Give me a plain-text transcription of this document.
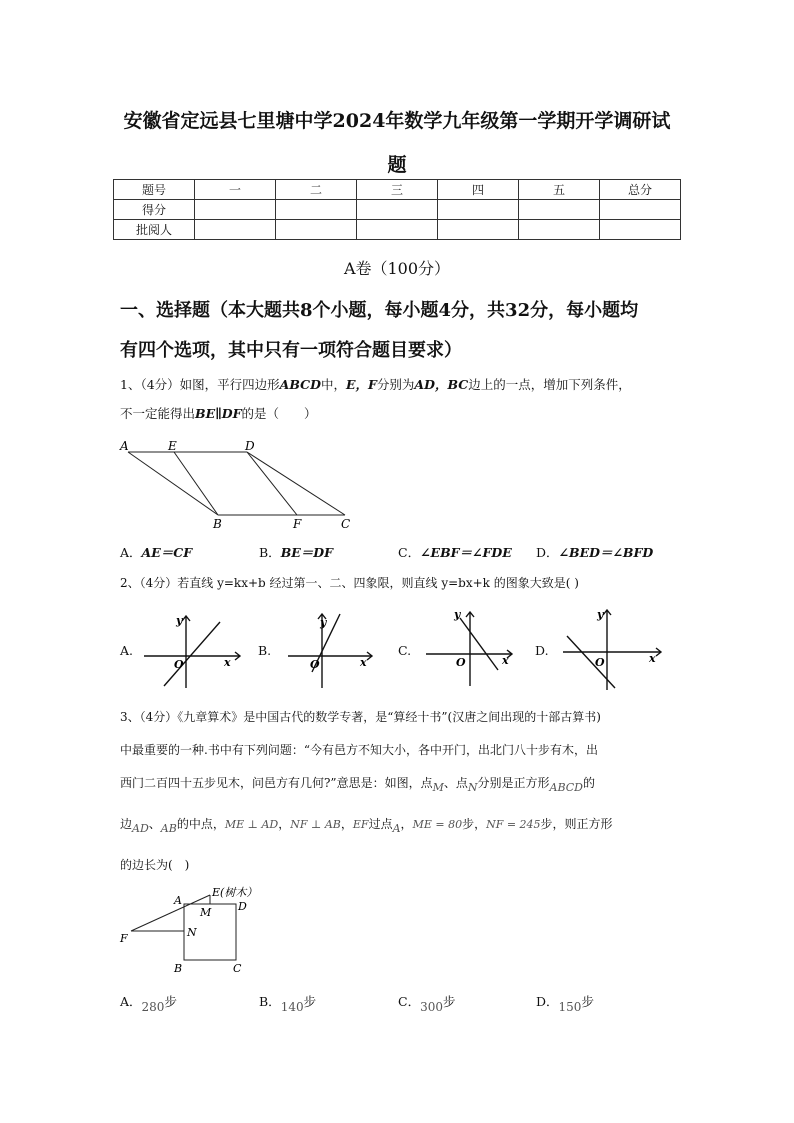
安徽省定远县七里塘中学2024年数学九年级第一学期开学调研试
题
题号	一	二	三	四	五	总分
得分						
批阅人						
A卷（100分）
一、选择题（本大题共8个小题，每小题4分，共32分，每小题均
有四个选项，其中只有一项符合题目要求）
1、（4分）如图，平行四边形ABCD中，E，F分别为AD，BC边上的一点，增加下列条件，
不一定能得出BE∥DF的是（　　）
A	E	D
B	F	C
A．AE＝CF	B．BE＝DF	C．∠EBF＝∠FDE D．∠BED＝∠BFD
2、（4分）若直线 y=kx+b 经过第一、二、四象限，则直线 y=bx+k 的图象大致是( )
A.
y
O	x
B.
y
O	x
C.
y
O	x
D.
y
O	x
3、（4分）《九章算术》是中国古代的数学专著，是“算经十书”(汉唐之间出现的十部古算书)
中最重要的一种.书中有下列问题：“今有邑方不知大小，各中开门，出北门八十步有木，出
西门二百四十五步见木，问邑方有几何?”意思是：如图，点M、点N分别是正方形ABCD的
边AD、AB的中点，ME ⊥ AD，NF ⊥ AB，EF过点A，ME = 80步，NF = 245步，则正方形
的边长为(　)
E(树木）
A
M D
F	N
B	C
A．280步	B．140步	C．300步	D．150步
